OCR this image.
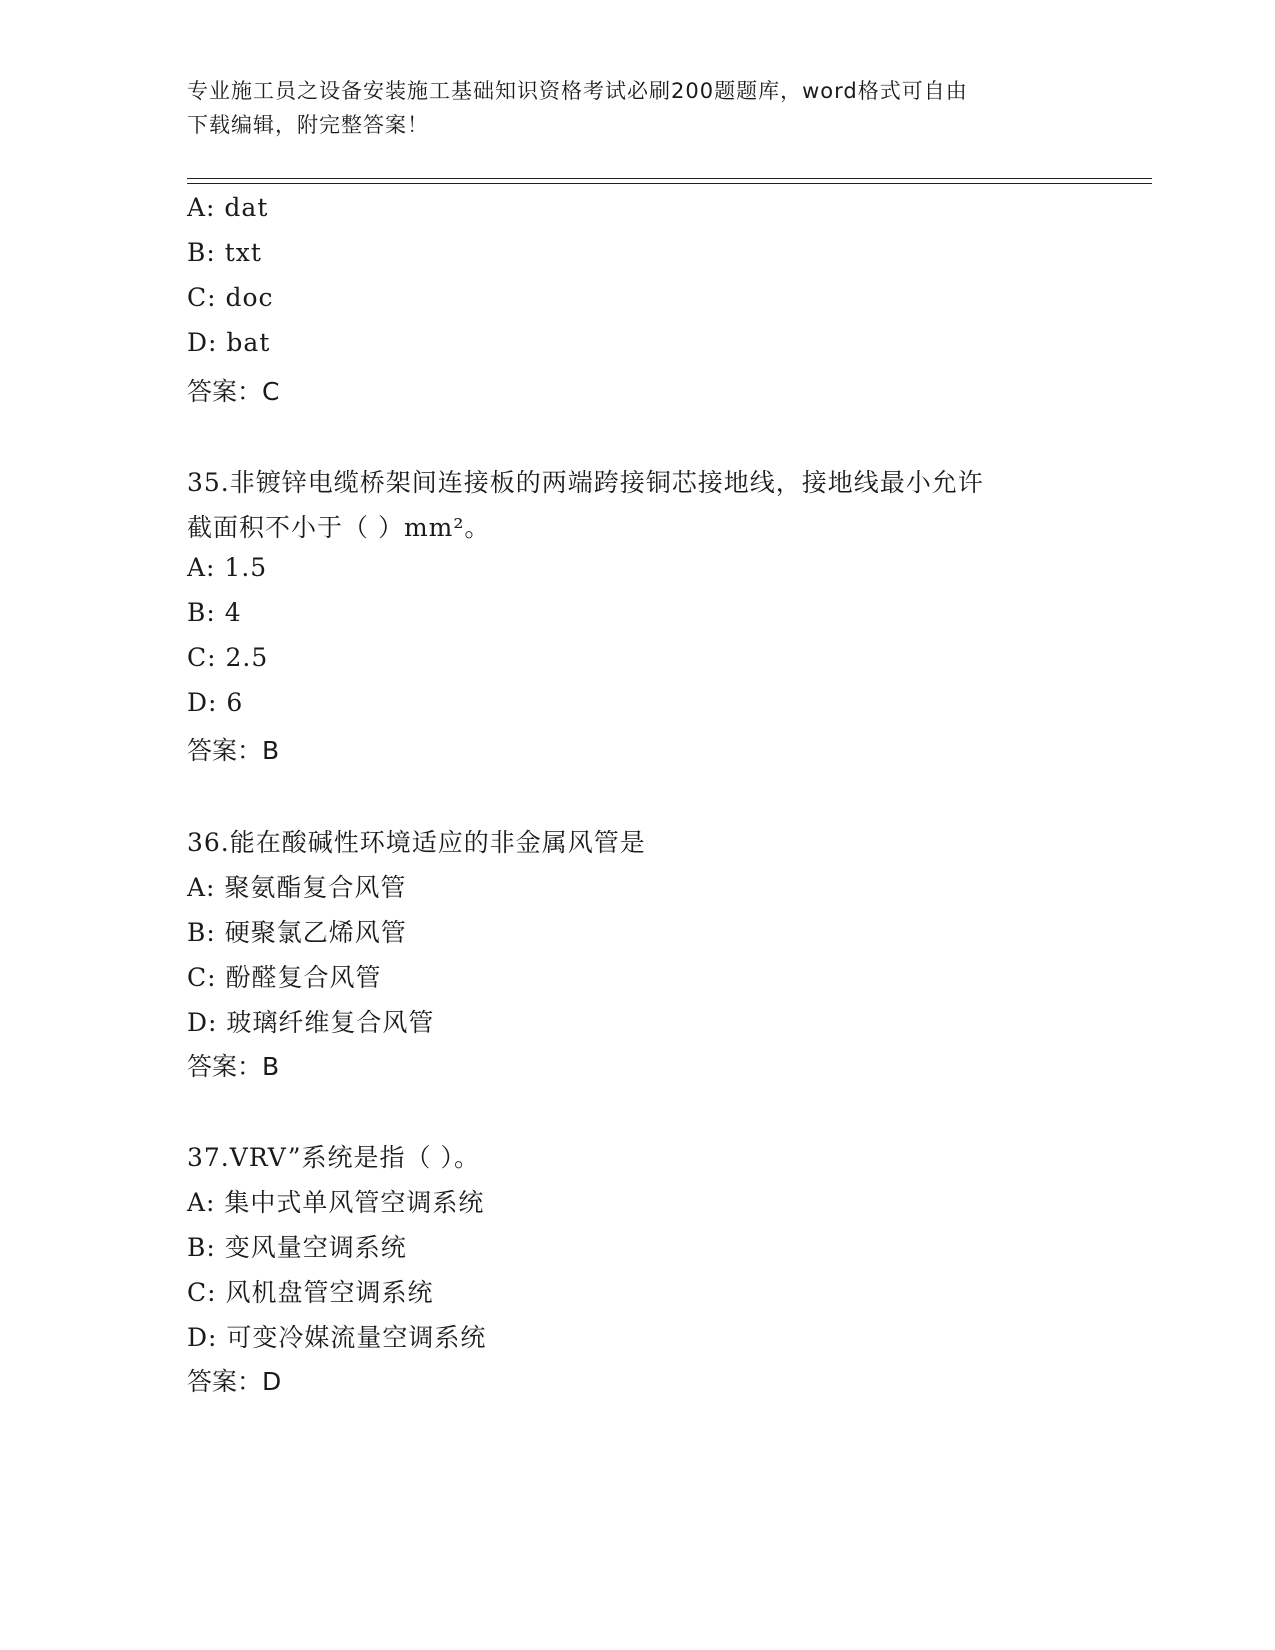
专业施工员之设备安装施工基础知识资格考试必刷200题题库，word格式可自由
下载编辑，附完整答案！
A: dat
B: txt
C: doc
D: bat
答案：C
35.非镀锌电缆桥架间连接板的两端跨接铜芯接地线，接地线最小允许
截面积不小于（ ）mm²。
A: 1.5
B: 4
C: 2.5
D: 6
答案：B
36.能在酸碱性环境适应的非金属风管是
A: 聚氨酯复合风管
B: 硬聚氯乙烯风管
C: 酚醛复合风管
D: 玻璃纤维复合风管
答案：B
37.VRV”系统是指（ ）。
A: 集中式单风管空调系统
B: 变风量空调系统
C: 风机盘管空调系统
D: 可变冷媒流量空调系统
答案：D
